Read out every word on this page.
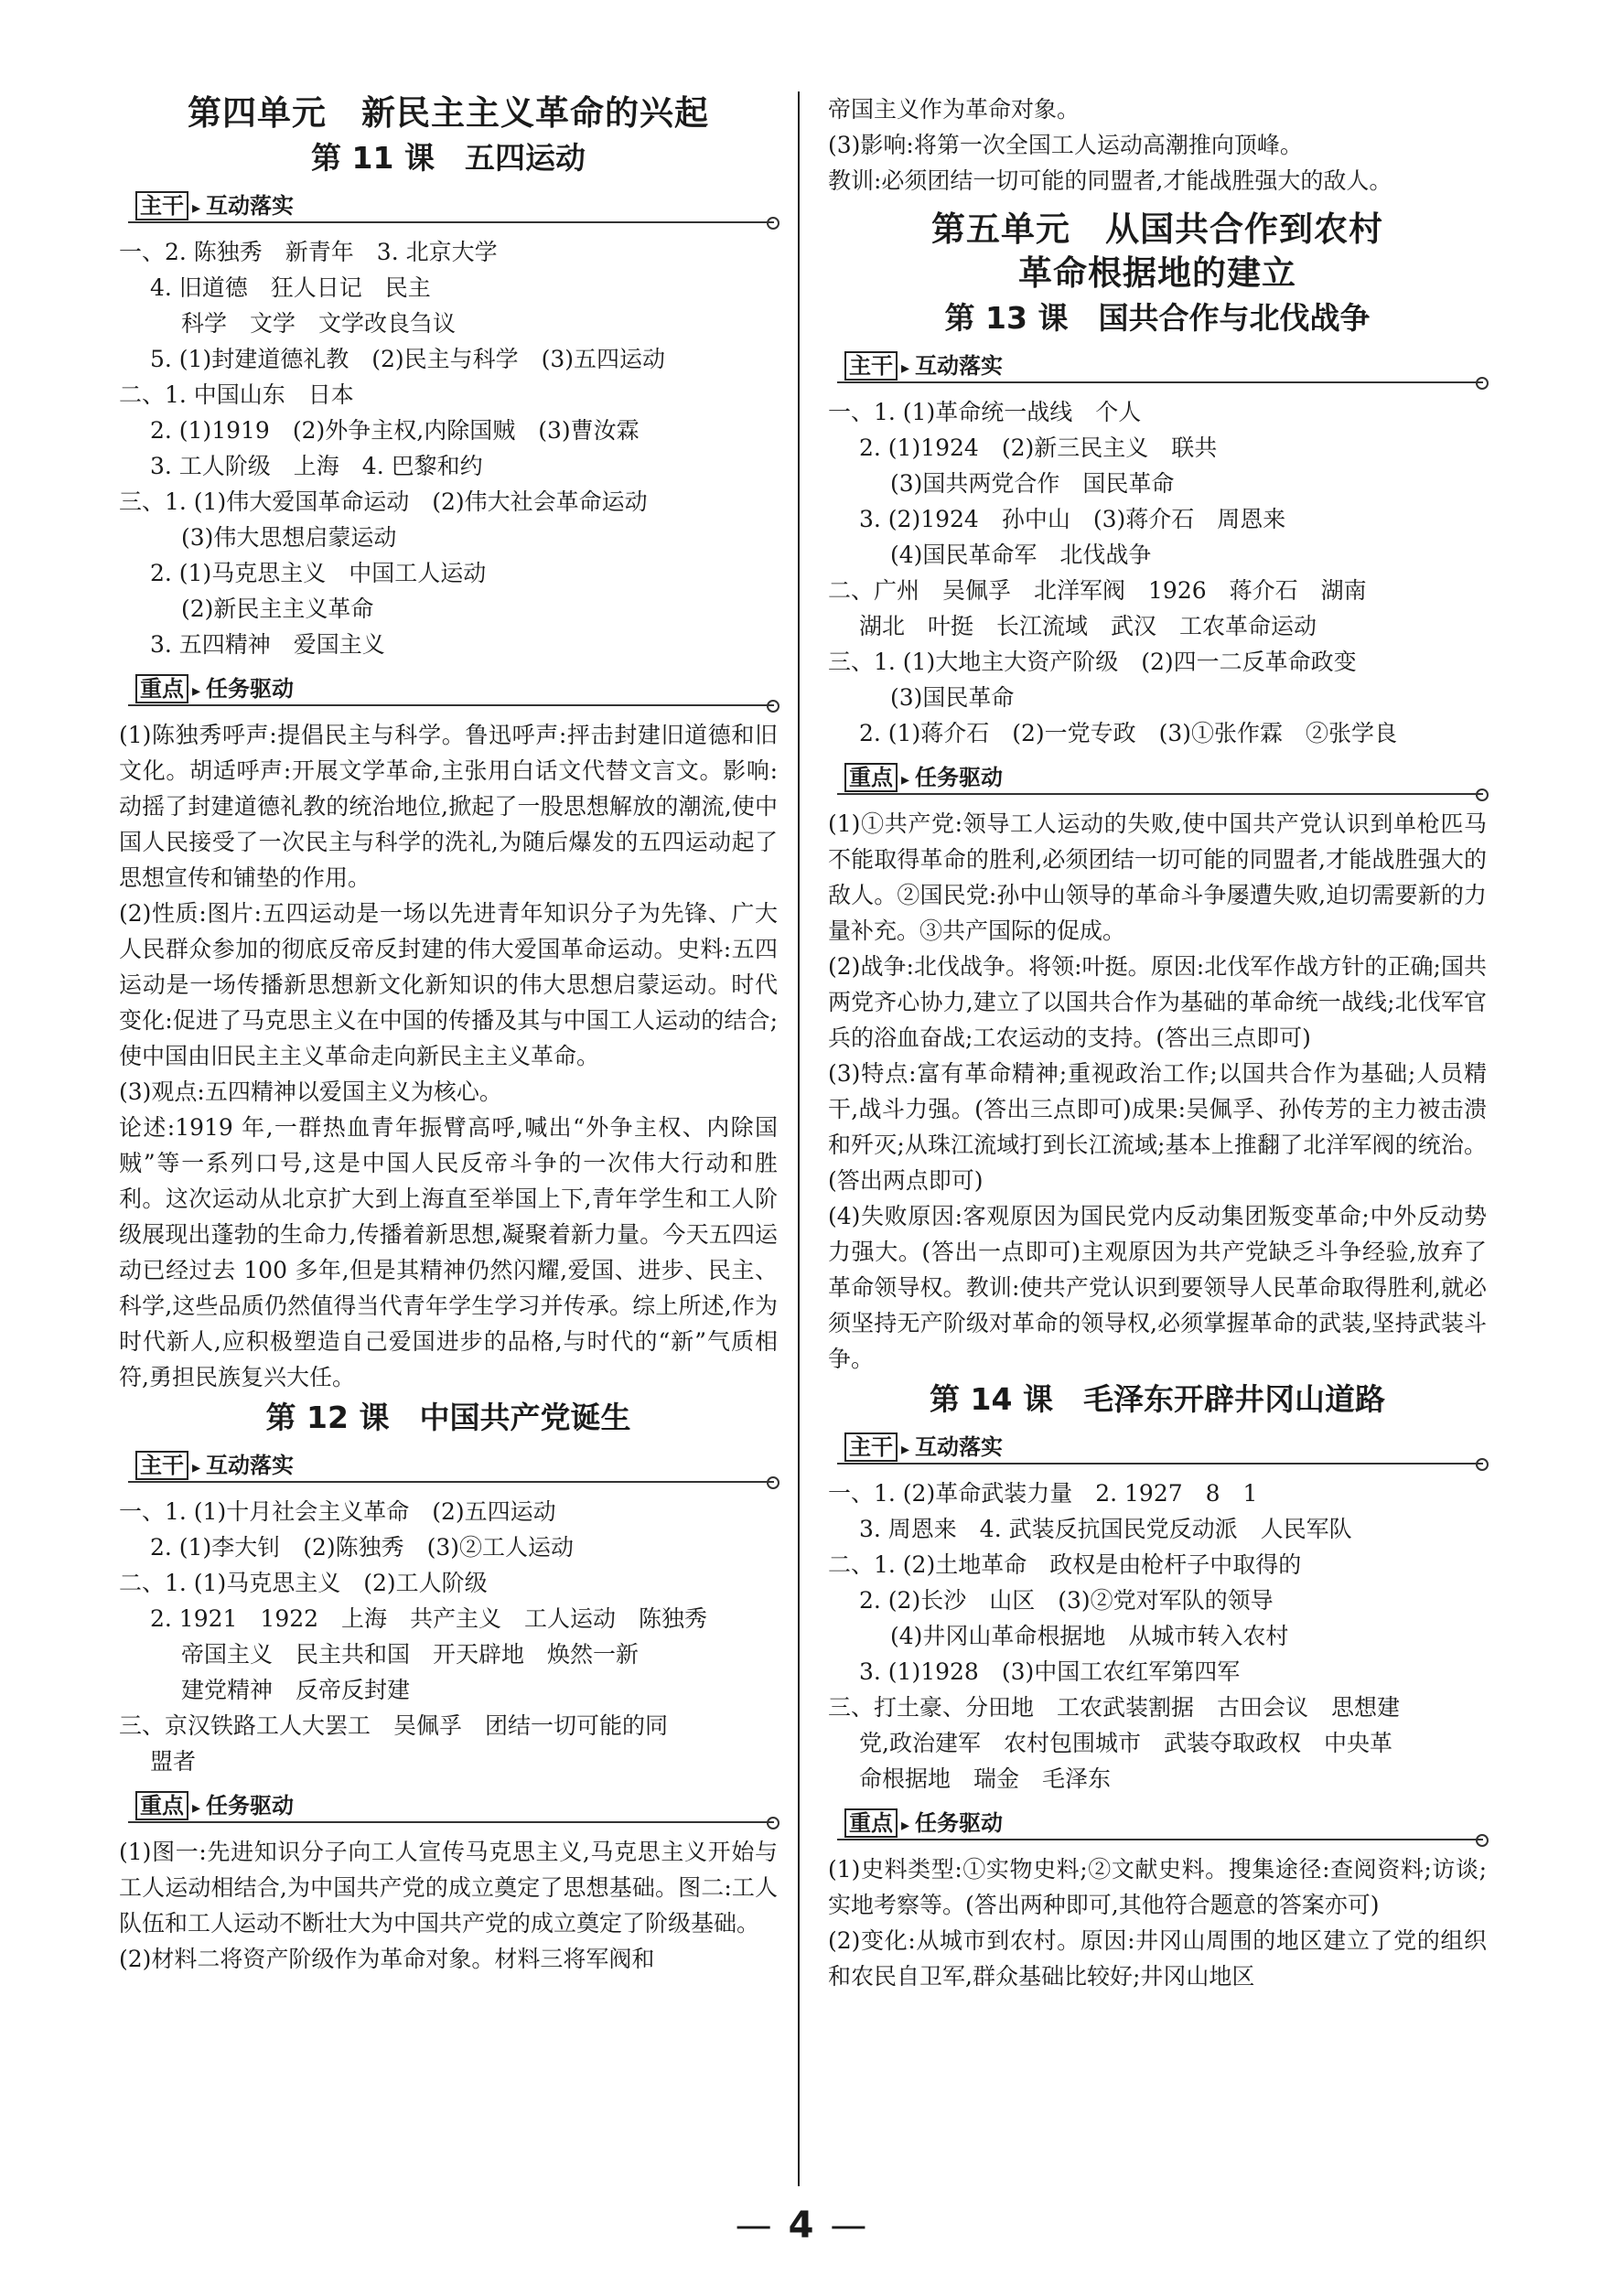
第四单元　新民主主义革命的兴起
第 11 课　五四运动
主干 ▸ 互动落实

一、2. 陈独秀　新青年　3. 北京大学

4. 旧道德　狂人日记　民主

科学　文学　文学改良刍议

5. (1)封建道德礼教　(2)民主与科学　(3)五四运动

二、1. 中国山东　日本

2. (1)1919　(2)外争主权,内除国贼　(3)曹汝霖

3. 工人阶级　上海　4. 巴黎和约

三、1. (1)伟大爱国革命运动　(2)伟大社会革命运动

(3)伟大思想启蒙运动

2. (1)马克思主义　中国工人运动

(2)新民主主义革命

3. 五四精神　爱国主义

重点 ▸ 任务驱动

(1)陈独秀呼声:提倡民主与科学。鲁迅呼声:抨击封建旧道德和旧文化。胡适呼声:开展文学革命,主张用白话文代替文言文。影响:动摇了封建道德礼教的统治地位,掀起了一股思想解放的潮流,使中国人民接受了一次民主与科学的洗礼,为随后爆发的五四运动起了思想宣传和铺垫的作用。

(2)性质:图片:五四运动是一场以先进青年知识分子为先锋、广大人民群众参加的彻底反帝反封建的伟大爱国革命运动。史料:五四运动是一场传播新思想新文化新知识的伟大思想启蒙运动。时代变化:促进了马克思主义在中国的传播及其与中国工人运动的结合;使中国由旧民主主义革命走向新民主主义革命。

(3)观点:五四精神以爱国主义为核心。

论述:1919 年,一群热血青年振臂高呼,喊出“外争主权、内除国贼”等一系列口号,这是中国人民反帝斗争的一次伟大行动和胜利。这次运动从北京扩大到上海直至举国上下,青年学生和工人阶级展现出蓬勃的生命力,传播着新思想,凝聚着新力量。今天五四运动已经过去 100 多年,但是其精神仍然闪耀,爱国、进步、民主、科学,这些品质仍然值得当代青年学生学习并传承。综上所述,作为时代新人,应积极塑造自己爱国进步的品格,与时代的“新”气质相符,勇担民族复兴大任。

第 12 课　中国共产党诞生
主干 ▸ 互动落实

一、1. (1)十月社会主义革命　(2)五四运动

2. (1)李大钊　(2)陈独秀　(3)②工人运动

二、1. (1)马克思主义　(2)工人阶级

2. 1921　1922　上海　共产主义　工人运动　陈独秀

帝国主义　民主共和国　开天辟地　焕然一新

建党精神　反帝反封建

三、京汉铁路工人大罢工　吴佩孚　团结一切可能的同

盟者

重点 ▸ 任务驱动

(1)图一:先进知识分子向工人宣传马克思主义,马克思主义开始与工人运动相结合,为中国共产党的成立奠定了思想基础。图二:工人队伍和工人运动不断壮大为中国共产党的成立奠定了阶级基础。

(2)材料二将资产阶级作为革命对象。材料三将军阀和

帝国主义作为革命对象。

(3)影响:将第一次全国工人运动高潮推向顶峰。

教训:必须团结一切可能的同盟者,才能战胜强大的敌人。

第五单元　从国共合作到农村
革命根据地的建立
第 13 课　国共合作与北伐战争
主干 ▸ 互动落实

一、1. (1)革命统一战线　个人

2. (1)1924　(2)新三民主义　联共

(3)国共两党合作　国民革命

3. (2)1924　孙中山　(3)蒋介石　周恩来

(4)国民革命军　北伐战争

二、广州　吴佩孚　北洋军阀　1926　蒋介石　湖南

湖北　叶挺　长江流域　武汉　工农革命运动

三、1. (1)大地主大资产阶级　(2)四一二反革命政变

(3)国民革命

2. (1)蒋介石　(2)一党专政　(3)①张作霖　②张学良

重点 ▸ 任务驱动

(1)①共产党:领导工人运动的失败,使中国共产党认识到单枪匹马不能取得革命的胜利,必须团结一切可能的同盟者,才能战胜强大的敌人。②国民党:孙中山领导的革命斗争屡遭失败,迫切需要新的力量补充。③共产国际的促成。

(2)战争:北伐战争。将领:叶挺。原因:北伐军作战方针的正确;国共两党齐心协力,建立了以国共合作为基础的革命统一战线;北伐军官兵的浴血奋战;工农运动的支持。(答出三点即可)

(3)特点:富有革命精神;重视政治工作;以国共合作为基础;人员精干,战斗力强。(答出三点即可)成果:吴佩孚、孙传芳的主力被击溃和歼灭;从珠江流域打到长江流域;基本上推翻了北洋军阀的统治。(答出两点即可)

(4)失败原因:客观原因为国民党内反动集团叛变革命;中外反动势力强大。(答出一点即可)主观原因为共产党缺乏斗争经验,放弃了革命领导权。教训:使共产党认识到要领导人民革命取得胜利,就必须坚持无产阶级对革命的领导权,必须掌握革命的武装,坚持武装斗争。

第 14 课　毛泽东开辟井冈山道路
主干 ▸ 互动落实

一、1. (2)革命武装力量　2. 1927　8　1

3. 周恩来　4. 武装反抗国民党反动派　人民军队

二、1. (2)土地革命　政权是由枪杆子中取得的

2. (2)长沙　山区　(3)②党对军队的领导

(4)井冈山革命根据地　从城市转入农村

3. (1)1928　(3)中国工农红军第四军

三、打土豪、分田地　工农武装割据　古田会议　思想建

党,政治建军　农村包围城市　武装夺取政权　中央革

命根据地　瑞金　毛泽东

重点 ▸ 任务驱动

(1)史料类型:①实物史料;②文献史料。搜集途径:查阅资料;访谈;实地考察等。(答出两种即可,其他符合题意的答案亦可)

(2)变化:从城市到农村。原因:井冈山周围的地区建立了党的组织和农民自卫军,群众基础比较好;井冈山地区

— 4 —
